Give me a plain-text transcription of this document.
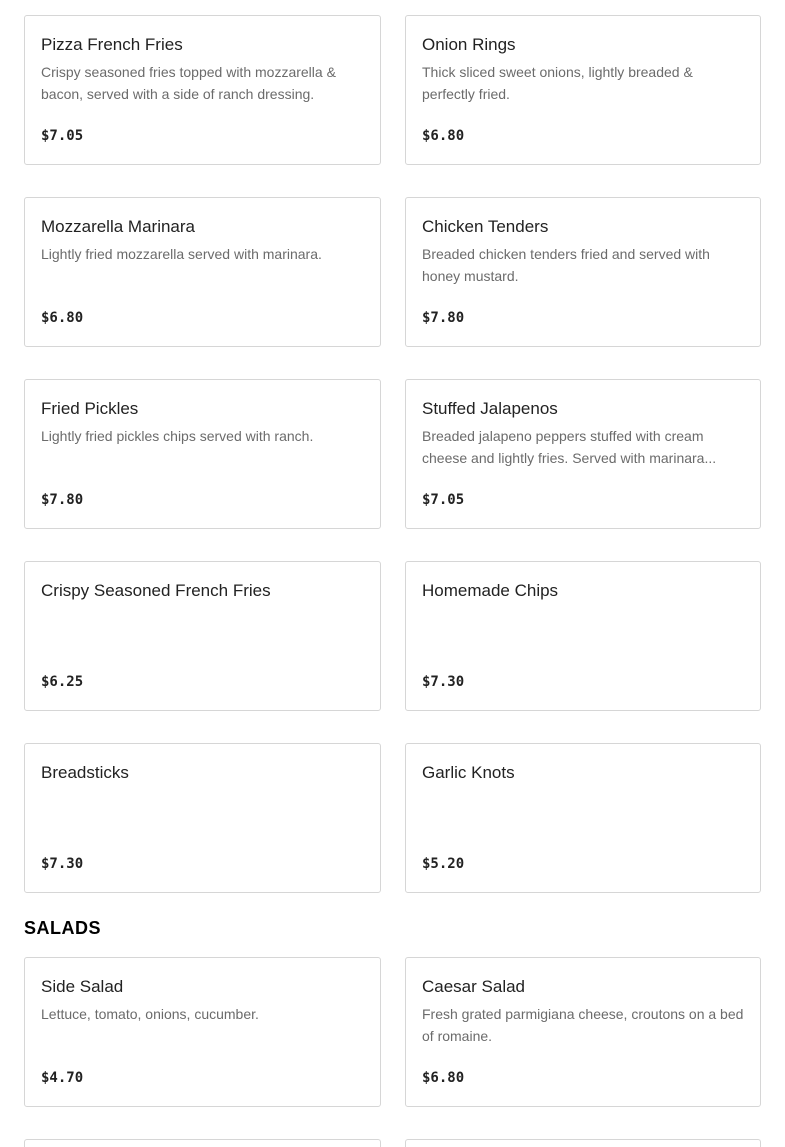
Pizza French Fries
Crispy seasoned fries topped with mozzarella & bacon, served with a side of ranch dressing.
$7.05
Onion Rings
Thick sliced sweet onions, lightly breaded & perfectly fried.
$6.80
Mozzarella Marinara
Lightly fried mozzarella served with marinara.
$6.80
Chicken Tenders
Breaded chicken tenders fried and served with honey mustard.
$7.80
Fried Pickles
Lightly fried pickles chips served with ranch.
$7.80
Stuffed Jalapenos
Breaded jalapeno peppers stuffed with cream cheese and lightly fries. Served with marinara...
$7.05
Crispy Seasoned French Fries
$6.25
Homemade Chips
$7.30
Breadsticks
$7.30
Garlic Knots
$5.20
SALADS
Side Salad
Lettuce, tomato, onions, cucumber.
$4.70
Caesar Salad
Fresh grated parmigiana cheese, croutons on a bed of romaine.
$6.80
